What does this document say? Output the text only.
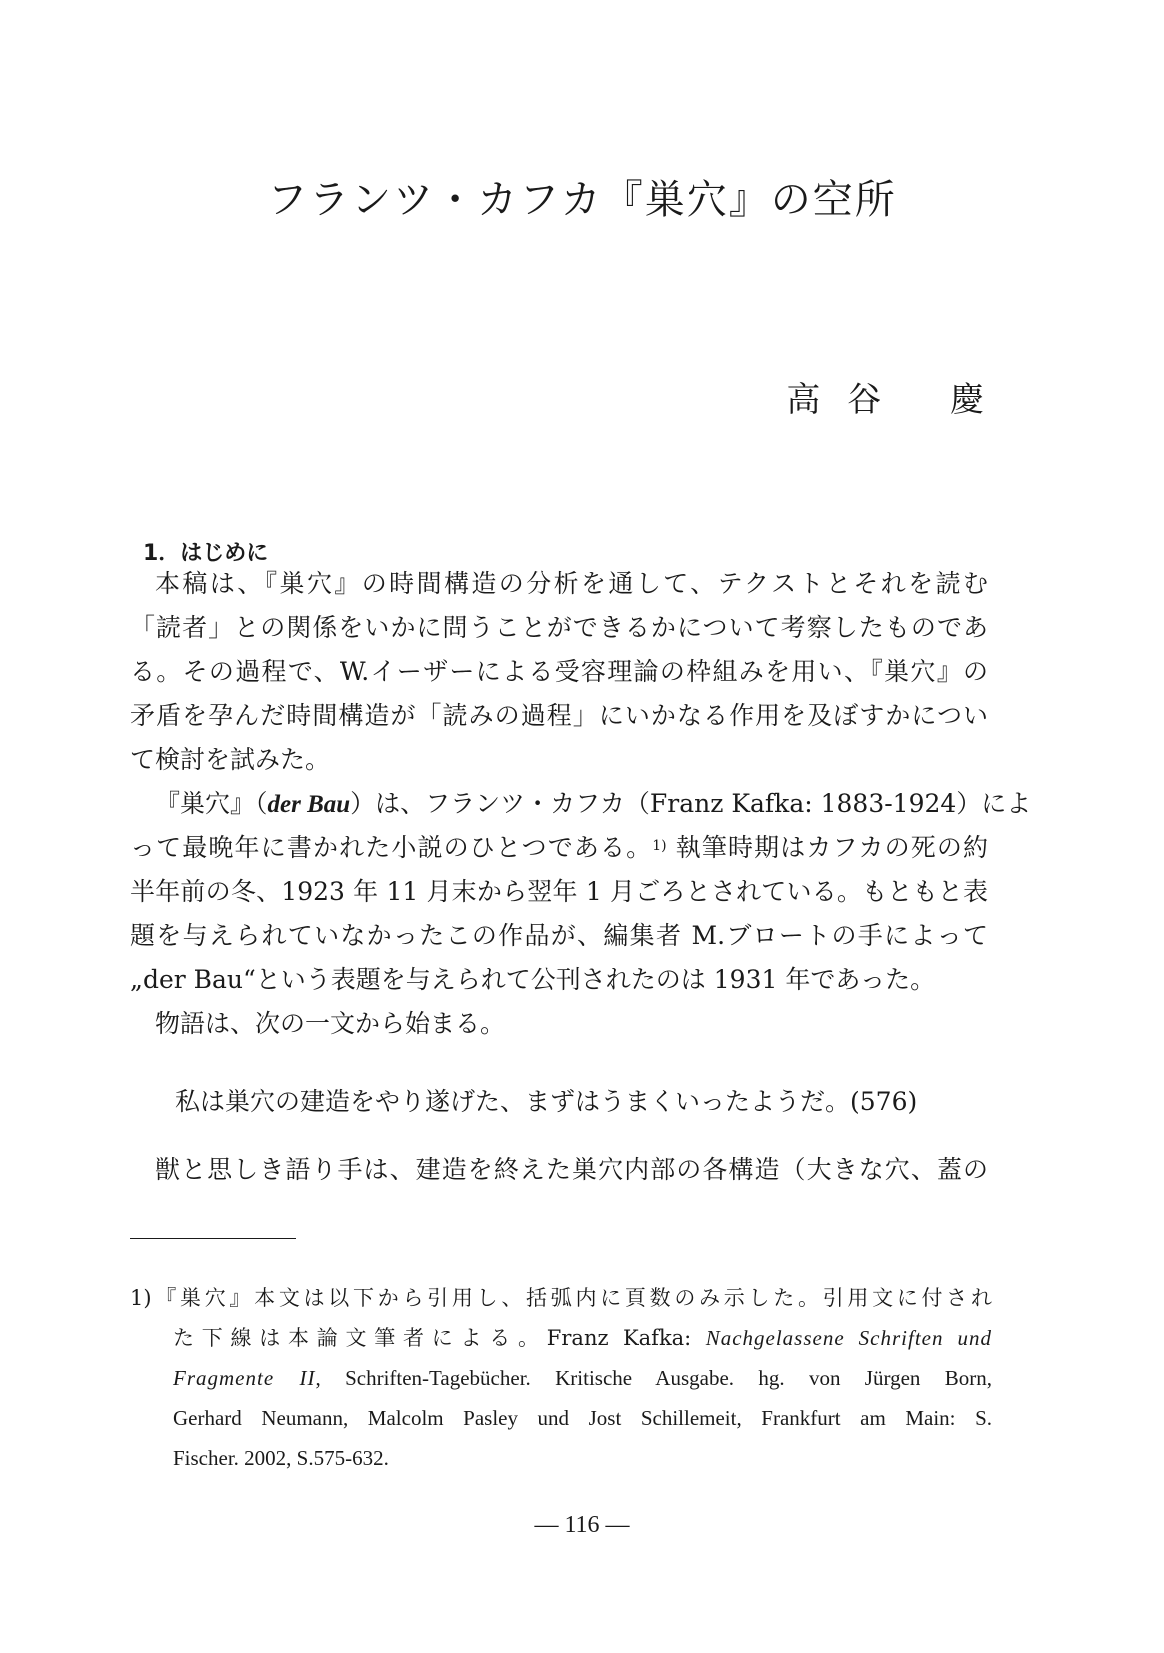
フランツ・カフカ『巣穴』の空所

高 谷　 慶

1．はじめに

本稿は、『巣穴』の時間構造の分析を通して、テクストとそれを読む

「読者」との関係をいかに問うことができるかについて考察したものであ

る。その過程で、W.イーザーによる受容理論の枠組みを用い、『巣穴』の

矛盾を孕んだ時間構造が「読みの過程」にいかなる作用を及ぼすかについ

て検討を試みた。

『巣穴』（der Bau）は、フランツ・カフカ（Franz Kafka: 1883-1924）によ

って最晩年に書かれた小説のひとつである。$^{1)}$ 執筆時期はカフカの死の約

半年前の冬、1923 年 11 月末から翌年 1 月ごろとされている。もともと表

題を与えられていなかったこの作品が、編集者 M.ブロートの手によって

„der Bau“という表題を与えられて公刊されたのは 1931 年であった。

物語は、次の一文から始まる。

私は巣穴の建造をやり遂げた、まずはうまくいったようだ。(576)

獣と思しき語り手は、建造を終えた巣穴内部の各構造（大きな穴、蓋の

1)『巣穴』本文は以下から引用し、括弧内に頁数のみ示した。引用文に付され

た下線は本論文筆者による。Franz Kafka: Nachgelassene Schriften und

Fragmente II, Schriften-Tagebücher. Kritische Ausgabe. hg. von Jürgen Born,

Gerhard Neumann, Malcolm Pasley und Jost Schillemeit, Frankfurt am Main: S.

Fischer. 2002, S.575-632.

— 116 —
